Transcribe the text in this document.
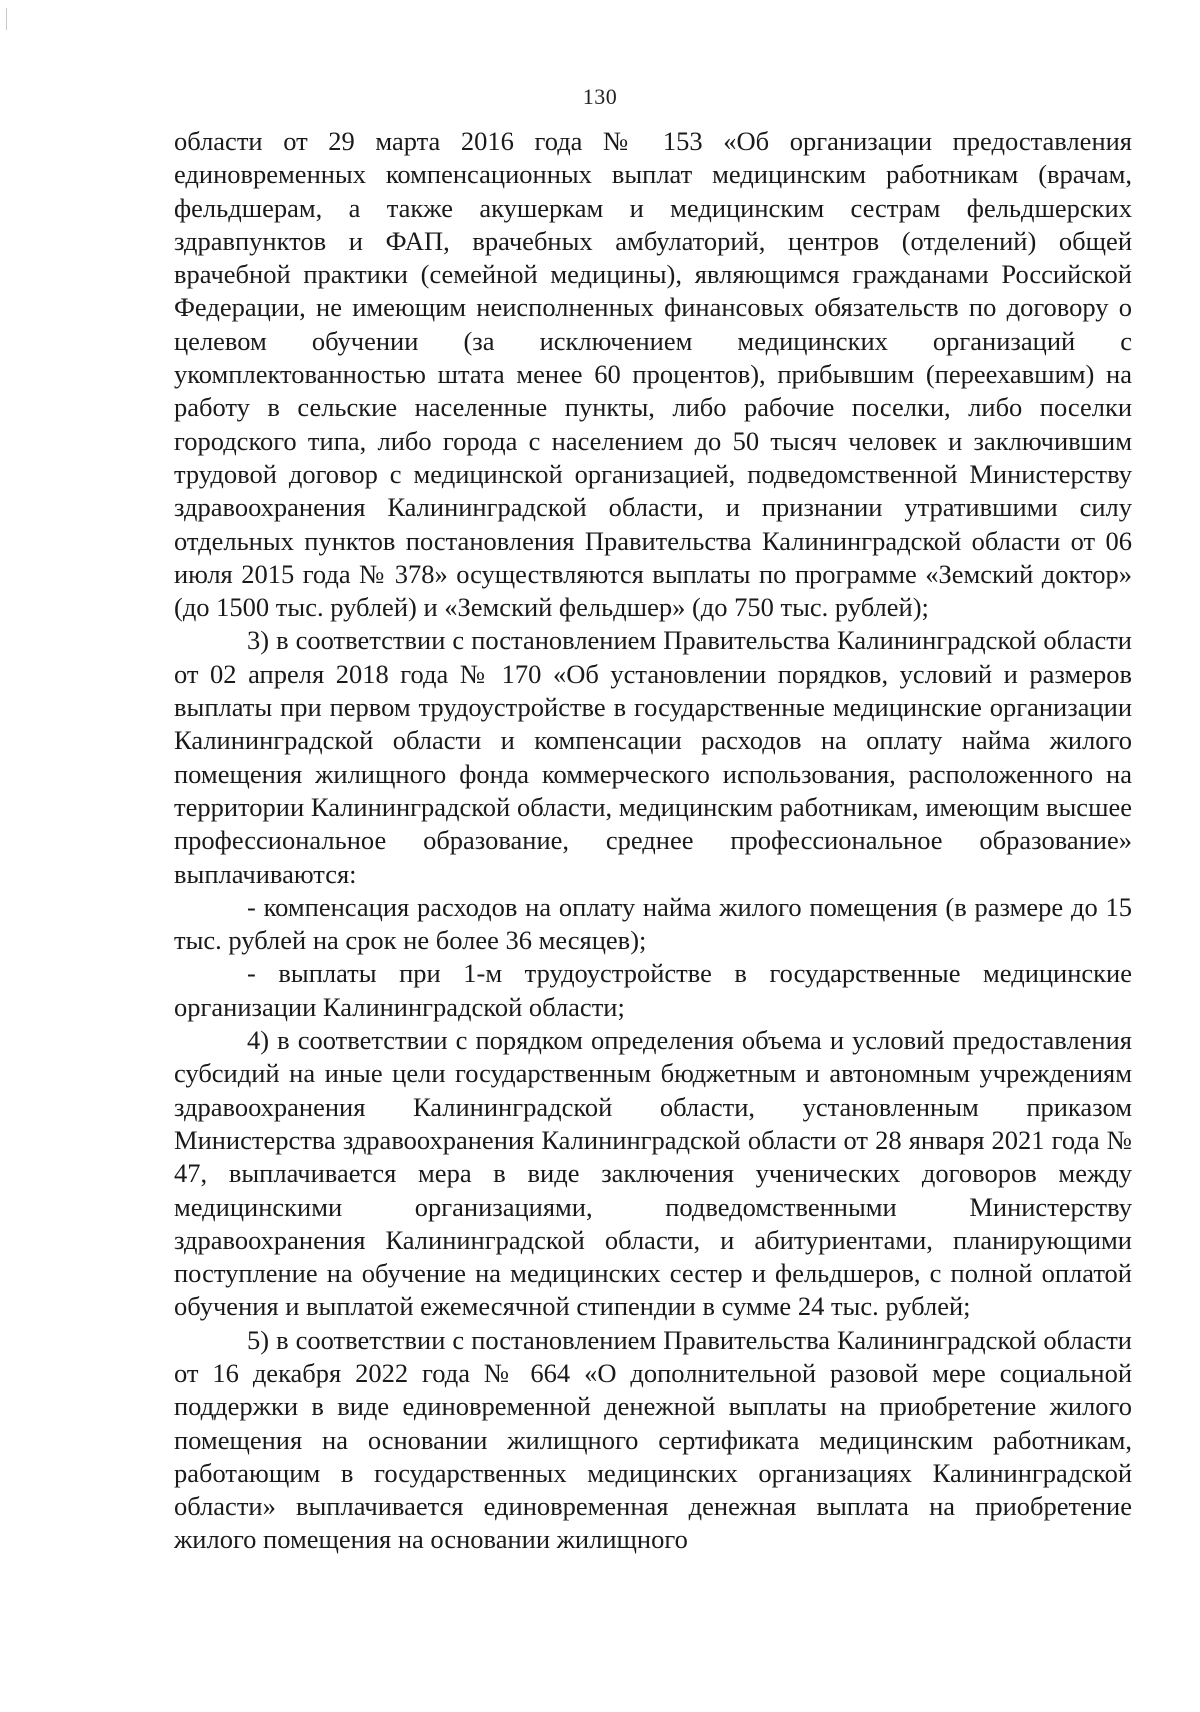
130

области от 29 марта 2016 года № 153 «Об организации предоставления единовременных компенсационных выплат медицинским работникам (врачам, фельдшерам, а также акушеркам и медицинским сестрам фельдшерских здравпунктов и ФАП, врачебных амбулаторий, центров (отделений) общей врачебной практики (семейной медицины), являющимся гражданами Российской Федерации, не имеющим неисполненных финансовых обязательств по договору о целевом обучении (за исключением медицинских организаций с укомплектованностью штата менее 60 процентов), прибывшим (переехавшим) на работу в сельские населенные пункты, либо рабочие поселки, либо поселки городского типа, либо города с населением до 50 тысяч человек и заключившим трудовой договор с медицинской организацией, подведомственной Министерству здравоохранения Калининградской области, и признании утратившими силу отдельных пунктов постановления Правительства Калининградской области от 06 июля 2015 года № 378» осуществляются выплаты по программе «Земский доктор» (до 1500 тыс. рублей) и «Земский фельдшер» (до 750 тыс. рублей);

3) в соответствии с постановлением Правительства Калининградской области от 02 апреля 2018 года № 170 «Об установлении порядков, условий и размеров выплаты при первом трудоустройстве в государственные медицинские организации Калининградской области и компенсации расходов на оплату найма жилого помещения жилищного фонда коммерческого использования, расположенного на территории Калининградской области, медицинским работникам, имеющим высшее профессиональное образование, среднее профессиональное образование» выплачиваются:

- компенсация расходов на оплату найма жилого помещения (в размере до 15 тыс. рублей на срок не более 36 месяцев);

- выплаты при 1-м трудоустройстве в государственные медицинские организации Калининградской области;

4) в соответствии с порядком определения объема и условий предоставления субсидий на иные цели государственным бюджетным и автономным учреждениям здравоохранения Калининградской области, установленным приказом Министерства здравоохранения Калининградской области от 28 января 2021 года № 47, выплачивается мера в виде заключения ученических договоров между медицинскими организациями, подведомственными Министерству здравоохранения Калининградской области, и абитуриентами, планирующими поступление на обучение на медицинских сестер и фельдшеров, с полной оплатой обучения и выплатой ежемесячной стипендии в сумме 24 тыс. рублей;

5) в соответствии с постановлением Правительства Калининградской области от 16 декабря 2022 года № 664 «О дополнительной разовой мере социальной поддержки в виде единовременной денежной выплаты на приобретение жилого помещения на основании жилищного сертификата медицинским работникам, работающим в государственных медицинских организациях Калининградской области» выплачивается единовременная денежная выплата на приобретение жилого помещения на основании жилищного
